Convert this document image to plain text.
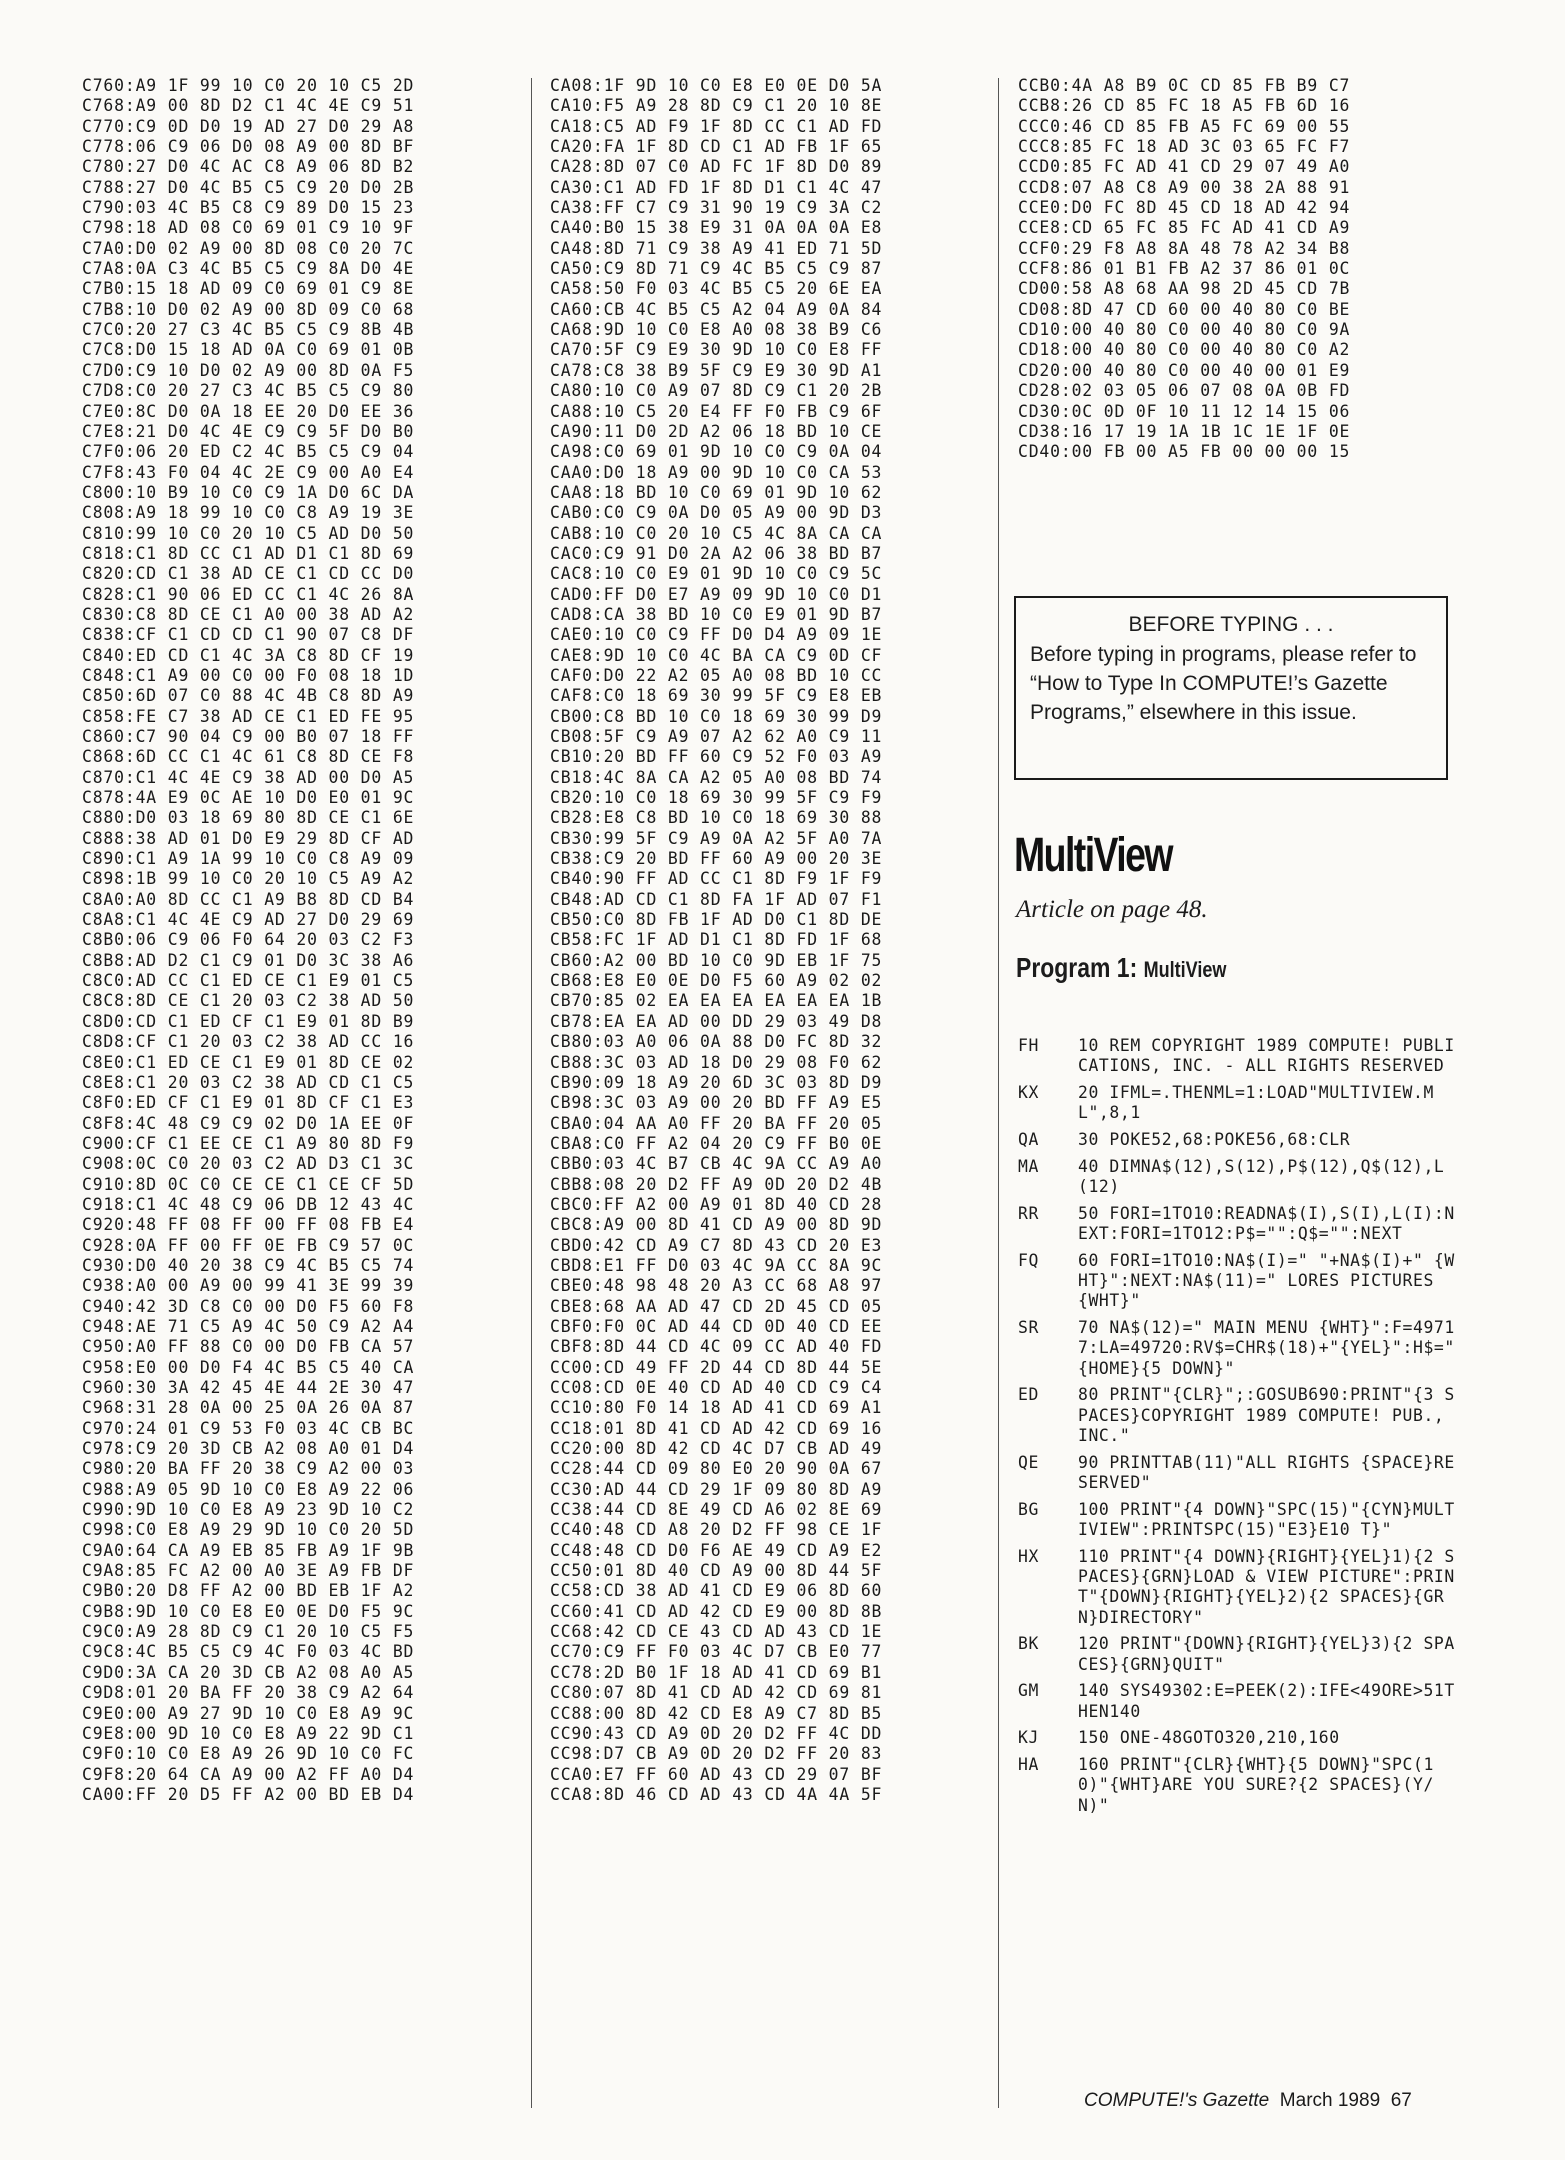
C760:A9 1F 99 10 C0 20 10 C5 2D
C768:A9 00 8D D2 C1 4C 4E C9 51
C770:C9 0D D0 19 AD 27 D0 29 A8
C778:06 C9 06 D0 08 A9 00 8D BF
C780:27 D0 4C AC C8 A9 06 8D B2
C788:27 D0 4C B5 C5 C9 20 D0 2B
C790:03 4C B5 C8 C9 89 D0 15 23
C798:18 AD 08 C0 69 01 C9 10 9F
C7A0:D0 02 A9 00 8D 08 C0 20 7C
C7A8:0A C3 4C B5 C5 C9 8A D0 4E
C7B0:15 18 AD 09 C0 69 01 C9 8E
C7B8:10 D0 02 A9 00 8D 09 C0 68
C7C0:20 27 C3 4C B5 C5 C9 8B 4B
C7C8:D0 15 18 AD 0A C0 69 01 0B
C7D0:C9 10 D0 02 A9 00 8D 0A F5
C7D8:C0 20 27 C3 4C B5 C5 C9 80
C7E0:8C D0 0A 18 EE 20 D0 EE 36
C7E8:21 D0 4C 4E C9 C9 5F D0 B0
C7F0:06 20 ED C2 4C B5 C5 C9 04
C7F8:43 F0 04 4C 2E C9 00 A0 E4
C800:10 B9 10 C0 C9 1A D0 6C DA
C808:A9 18 99 10 C0 C8 A9 19 3E
C810:99 10 C0 20 10 C5 AD D0 50
C818:C1 8D CC C1 AD D1 C1 8D 69
C820:CD C1 38 AD CE C1 CD CC D0
C828:C1 90 06 ED CC C1 4C 26 8A
C830:C8 8D CE C1 A0 00 38 AD A2
C838:CF C1 CD CD C1 90 07 C8 DF
C840:ED CD C1 4C 3A C8 8D CF 19
C848:C1 A9 00 C0 00 F0 08 18 1D
C850:6D 07 C0 88 4C 4B C8 8D A9
C858:FE C7 38 AD CE C1 ED FE 95
C860:C7 90 04 C9 00 B0 07 18 FF
C868:6D CC C1 4C 61 C8 8D CE F8
C870:C1 4C 4E C9 38 AD 00 D0 A5
C878:4A E9 0C AE 10 D0 E0 01 9C
C880:D0 03 18 69 80 8D CE C1 6E
C888:38 AD 01 D0 E9 29 8D CF AD
C890:C1 A9 1A 99 10 C0 C8 A9 09
C898:1B 99 10 C0 20 10 C5 A9 A2
C8A0:A0 8D CC C1 A9 B8 8D CD B4
C8A8:C1 4C 4E C9 AD 27 D0 29 69
C8B0:06 C9 06 F0 64 20 03 C2 F3
C8B8:AD D2 C1 C9 01 D0 3C 38 A6
C8C0:AD CC C1 ED CE C1 E9 01 C5
C8C8:8D CE C1 20 03 C2 38 AD 50
C8D0:CD C1 ED CF C1 E9 01 8D B9
C8D8:CF C1 20 03 C2 38 AD CC 16
C8E0:C1 ED CE C1 E9 01 8D CE 02
C8E8:C1 20 03 C2 38 AD CD C1 C5
C8F0:ED CF C1 E9 01 8D CF C1 E3
C8F8:4C 48 C9 C9 02 D0 1A EE 0F
C900:CF C1 EE CE C1 A9 80 8D F9
C908:0C C0 20 03 C2 AD D3 C1 3C
C910:8D 0C C0 CE CE C1 CE CF 5D
C918:C1 4C 48 C9 06 DB 12 43 4C
C920:48 FF 08 FF 00 FF 08 FB E4
C928:0A FF 00 FF 0E FB C9 57 0C
C930:D0 40 20 38 C9 4C B5 C5 74
C938:A0 00 A9 00 99 41 3E 99 39
C940:42 3D C8 C0 00 D0 F5 60 F8
C948:AE 71 C5 A9 4C 50 C9 A2 A4
C950:A0 FF 88 C0 00 D0 FB CA 57
C958:E0 00 D0 F4 4C B5 C5 40 CA
C960:30 3A 42 45 4E 44 2E 30 47
C968:31 28 0A 00 25 0A 26 0A 87
C970:24 01 C9 53 F0 03 4C CB BC
C978:C9 20 3D CB A2 08 A0 01 D4
C980:20 BA FF 20 38 C9 A2 00 03
C988:A9 05 9D 10 C0 E8 A9 22 06
C990:9D 10 C0 E8 A9 23 9D 10 C2
C998:C0 E8 A9 29 9D 10 C0 20 5D
C9A0:64 CA A9 EB 85 FB A9 1F 9B
C9A8:85 FC A2 00 A0 3E A9 FB DF
C9B0:20 D8 FF A2 00 BD EB 1F A2
C9B8:9D 10 C0 E8 E0 0E D0 F5 9C
C9C0:A9 28 8D C9 C1 20 10 C5 F5
C9C8:4C B5 C5 C9 4C F0 03 4C BD
C9D0:3A CA 20 3D CB A2 08 A0 A5
C9D8:01 20 BA FF 20 38 C9 A2 64
C9E0:00 A9 27 9D 10 C0 E8 A9 9C
C9E8:00 9D 10 C0 E8 A9 22 9D C1
C9F0:10 C0 E8 A9 26 9D 10 C0 FC
C9F8:20 64 CA A9 00 A2 FF A0 D4
CA00:FF 20 D5 FF A2 00 BD EB D4
CA08:1F 9D 10 C0 E8 E0 0E D0 5A
CA10:F5 A9 28 8D C9 C1 20 10 8E
CA18:C5 AD F9 1F 8D CC C1 AD FD
CA20:FA 1F 8D CD C1 AD FB 1F 65
CA28:8D 07 C0 AD FC 1F 8D D0 89
CA30:C1 AD FD 1F 8D D1 C1 4C 47
CA38:FF C7 C9 31 90 19 C9 3A C2
CA40:B0 15 38 E9 31 0A 0A 0A E8
CA48:8D 71 C9 38 A9 41 ED 71 5D
CA50:C9 8D 71 C9 4C B5 C5 C9 87
CA58:50 F0 03 4C B5 C5 20 6E EA
CA60:CB 4C B5 C5 A2 04 A9 0A 84
CA68:9D 10 C0 E8 A0 08 38 B9 C6
CA70:5F C9 E9 30 9D 10 C0 E8 FF
CA78:C8 38 B9 5F C9 E9 30 9D A1
CA80:10 C0 A9 07 8D C9 C1 20 2B
CA88:10 C5 20 E4 FF F0 FB C9 6F
CA90:11 D0 2D A2 06 18 BD 10 CE
CA98:C0 69 01 9D 10 C0 C9 0A 04
CAA0:D0 18 A9 00 9D 10 C0 CA 53
CAA8:18 BD 10 C0 69 01 9D 10 62
CAB0:C0 C9 0A D0 05 A9 00 9D D3
CAB8:10 C0 20 10 C5 4C 8A CA CA
CAC0:C9 91 D0 2A A2 06 38 BD B7
CAC8:10 C0 E9 01 9D 10 C0 C9 5C
CAD0:FF D0 E7 A9 09 9D 10 C0 D1
CAD8:CA 38 BD 10 C0 E9 01 9D B7
CAE0:10 C0 C9 FF D0 D4 A9 09 1E
CAE8:9D 10 C0 4C BA CA C9 0D CF
CAF0:D0 22 A2 05 A0 08 BD 10 CC
CAF8:C0 18 69 30 99 5F C9 E8 EB
CB00:C8 BD 10 C0 18 69 30 99 D9
CB08:5F C9 A9 07 A2 62 A0 C9 11
CB10:20 BD FF 60 C9 52 F0 03 A9
CB18:4C 8A CA A2 05 A0 08 BD 74
CB20:10 C0 18 69 30 99 5F C9 F9
CB28:E8 C8 BD 10 C0 18 69 30 88
CB30:99 5F C9 A9 0A A2 5F A0 7A
CB38:C9 20 BD FF 60 A9 00 20 3E
CB40:90 FF AD CC C1 8D F9 1F F9
CB48:AD CD C1 8D FA 1F AD 07 F1
CB50:C0 8D FB 1F AD D0 C1 8D DE
CB58:FC 1F AD D1 C1 8D FD 1F 68
CB60:A2 00 BD 10 C0 9D EB 1F 75
CB68:E8 E0 0E D0 F5 60 A9 02 02
CB70:85 02 EA EA EA EA EA EA 1B
CB78:EA EA AD 00 DD 29 03 49 D8
CB80:03 A0 06 0A 88 D0 FC 8D 32
CB88:3C 03 AD 18 D0 29 08 F0 62
CB90:09 18 A9 20 6D 3C 03 8D D9
CB98:3C 03 A9 00 20 BD FF A9 E5
CBA0:04 AA A0 FF 20 BA FF 20 05
CBA8:C0 FF A2 04 20 C9 FF B0 0E
CBB0:03 4C B7 CB 4C 9A CC A9 A0
CBB8:08 20 D2 FF A9 0D 20 D2 4B
CBC0:FF A2 00 A9 01 8D 40 CD 28
CBC8:A9 00 8D 41 CD A9 00 8D 9D
CBD0:42 CD A9 C7 8D 43 CD 20 E3
CBD8:E1 FF D0 03 4C 9A CC 8A 9C
CBE0:48 98 48 20 A3 CC 68 A8 97
CBE8:68 AA AD 47 CD 2D 45 CD 05
CBF0:F0 0C AD 44 CD 0D 40 CD EE
CBF8:8D 44 CD 4C 09 CC AD 40 FD
CC00:CD 49 FF 2D 44 CD 8D 44 5E
CC08:CD 0E 40 CD AD 40 CD C9 C4
CC10:80 F0 14 18 AD 41 CD 69 A1
CC18:01 8D 41 CD AD 42 CD 69 16
CC20:00 8D 42 CD 4C D7 CB AD 49
CC28:44 CD 09 80 E0 20 90 0A 67
CC30:AD 44 CD 29 1F 09 80 8D A9
CC38:44 CD 8E 49 CD A6 02 8E 69
CC40:48 CD A8 20 D2 FF 98 CE 1F
CC48:48 CD D0 F6 AE 49 CD A9 E2
CC50:01 8D 40 CD A9 00 8D 44 5F
CC58:CD 38 AD 41 CD E9 06 8D 60
CC60:41 CD AD 42 CD E9 00 8D 8B
CC68:42 CD CE 43 CD AD 43 CD 1E
CC70:C9 FF F0 03 4C D7 CB E0 77
CC78:2D B0 1F 18 AD 41 CD 69 B1
CC80:07 8D 41 CD AD 42 CD 69 81
CC88:00 8D 42 CD E8 A9 C7 8D B5
CC90:43 CD A9 0D 20 D2 FF 4C DD
CC98:D7 CB A9 0D 20 D2 FF 20 83
CCA0:E7 FF 60 AD 43 CD 29 07 BF
CCA8:8D 46 CD AD 43 CD 4A 4A 5F
CCB0:4A A8 B9 0C CD 85 FB B9 C7
CCB8:26 CD 85 FC 18 A5 FB 6D 16
CCC0:46 CD 85 FB A5 FC 69 00 55
CCC8:85 FC 18 AD 3C 03 65 FC F7
CCD0:85 FC AD 41 CD 29 07 49 A0
CCD8:07 A8 C8 A9 00 38 2A 88 91
CCE0:D0 FC 8D 45 CD 18 AD 42 94
CCE8:CD 65 FC 85 FC AD 41 CD A9
CCF0:29 F8 A8 8A 48 78 A2 34 B8
CCF8:86 01 B1 FB A2 37 86 01 0C
CD00:58 A8 68 AA 98 2D 45 CD 7B
CD08:8D 47 CD 60 00 40 80 C0 BE
CD10:00 40 80 C0 00 40 80 C0 9A
CD18:00 40 80 C0 00 40 80 C0 A2
CD20:00 40 80 C0 00 40 00 01 E9
CD28:02 03 05 06 07 08 0A 0B FD
CD30:0C 0D 0F 10 11 12 14 15 06
CD38:16 17 19 1A 1B 1C 1E 1F 0E
CD40:00 FB 00 A5 FB 00 00 00 15
BEFORE TYPING . . .
Before typing in programs, please refer to “How to Type In COMPUTE!’s Gazette Programs,” elsewhere in this issue.
MultiView
Article on page 48.
Program 1: MultiView
FH	10 REM COPYRIGHT 1989 COMPUTE! PUBLICATIONS, INC. - ALL RIGHTS RESERVED
KX	20 IFML=.THENML=1:LOAD"MULTIVIEW.ML",8,1
QA	30 POKE52,68:POKE56,68:CLR
MA	40 DIMNA$(12),S(12),P$(12),Q$(12),L(12)
RR	50 FORI=1TO10:READNA$(I),S(I),L(I):NEXT:FORI=1TO12:P$="":Q$="":NEXT
FQ	60 FORI=1TO10:NA$(I)=" "+NA$(I)+" {WHT}":NEXT:NA$(11)=" LORES PICTURES {WHT}"
SR	70 NA$(12)=" MAIN MENU {WHT}":F=49717:LA=49720:RV$=CHR$(18)+"{YEL}":H$="{HOME}{5 DOWN}"
ED	80 PRINT"{CLR}";:GOSUB690:PRINT"{3 SPACES}COPYRIGHT 1989 COMPUTE! PUB., INC."
QE	90 PRINTTAB(11)"ALL RIGHTS {SPACE}RESERVED"
BG	100 PRINT"{4 DOWN}"SPC(15)"{CYN}MULTIVIEW":PRINTSPC(15)"E3}E10 T}"
HX	110 PRINT"{4 DOWN}{RIGHT}{YEL}1){2 SPACES}{GRN}LOAD & VIEW PICTURE":PRINT"{DOWN}{RIGHT}{YEL}2){2 SPACES}{GRN}DIRECTORY"
BK	120 PRINT"{DOWN}{RIGHT}{YEL}3){2 SPACES}{GRN}QUIT"
GM	140 SYS49302:E=PEEK(2):IFE<49ORE>51THEN140
KJ	150 ONE-48GOTO320,210,160
HA	160 PRINT"{CLR}{WHT}{5 DOWN}"SPC(10)"{WHT}ARE YOU SURE?{2 SPACES}(Y/N)"
COMPUTE!'s Gazette March 1989 67
